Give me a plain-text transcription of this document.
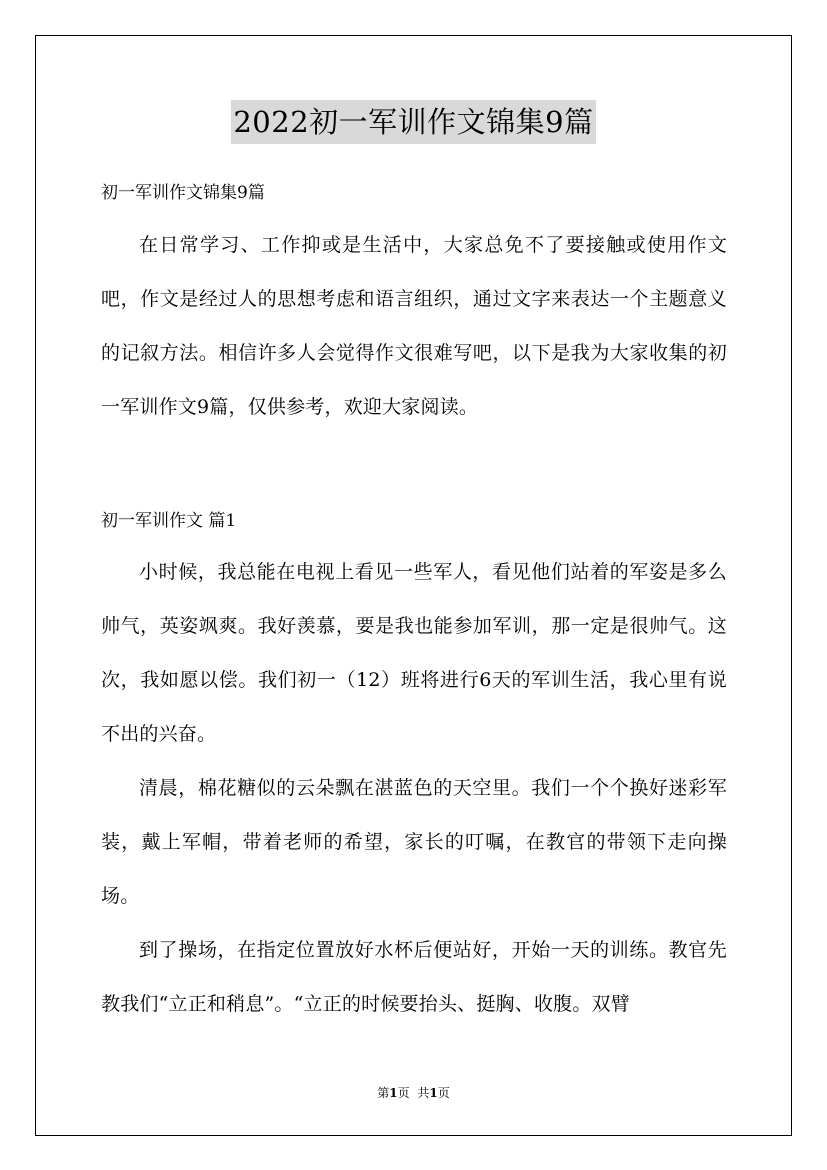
2022初一军训作文锦集9篇

初一军训作文锦集9篇

在日常学习、工作抑或是生活中，大家总免不了要接触或使用作文吧，作文是经过人的思想考虑和语言组织，通过文字来表达一个主题意义的记叙方法。相信许多人会觉得作文很难写吧，以下是我为大家收集的初一军训作文9篇，仅供参考，欢迎大家阅读。

初一军训作文 篇1

小时候，我总能在电视上看见一些军人，看见他们站着的军姿是多么帅气，英姿飒爽。我好羡慕，要是我也能参加军训，那一定是很帅气。这次，我如愿以偿。我们初一（12）班将进行6天的军训生活，我心里有说不出的兴奋。

清晨，棉花糖似的云朵飘在湛蓝色的天空里。我们一个个换好迷彩军装，戴上军帽，带着老师的希望，家长的叮嘱，在教官的带领下走向操场。

到了操场，在指定位置放好水杯后便站好，开始一天的训练。教官先教我们“立正和稍息”。“立正的时候要抬头、挺胸、收腹。双臂

第1页 共1页
